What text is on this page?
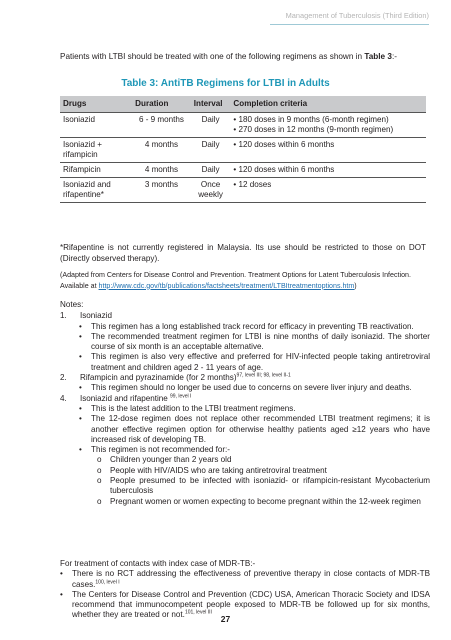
Management of Tuberculosis (Third Edition)
Patients with LTBI should be treated with one of the following regimens as shown in Table 3:-
Table 3: AntiTB Regimens for LTBI in Adults
Drugs	Duration	Interval	Completion criteria
Isoniazid	6 - 9 months	Daily	• 180 doses in 9 months (6-month regimen)
• 270 doses in 12 months (9-month regimen)

Isoniazid + rifampicin	4 months	Daily	• 120 doses within 6 months

Rifampicin	4 months	Daily	• 120 doses within 6 months

Isoniazid and rifapentine*	3 months	Once weekly	• 12 doses
*Rifapentine is not currently registered in Malaysia. Its use should be restricted to those on DOT (Directly observed therapy).
(Adapted from Centers for Disease Control and Prevention. Treatment Options for Latent Tuberculosis Infection. Available at http://www.cdc.gov/tb/publications/factsheets/treatment/LTBItreatmentoptions.htm)
Notes:
1. Isoniazid
• This regimen has a long established track record for efficacy in preventing TB reactivation.
• The recommended treatment regimen for LTBI is nine months of daily isoniazid. The shorter course of six month is an acceptable alternative.
• This regimen is also very effective and preferred for HIV-infected people taking antiretroviral treatment and children aged 2 - 11 years of age.
2. Rifampicin and pyrazinamide (for 2 months)$^{97, level III; 98, level II-1}$
• This regimen should no longer be used due to concerns on severe liver injury and deaths.
4. Isoniazid and rifapentine $^{99, level I}$
• This is the latest addition to the LTBI treatment regimens.
• The 12-dose regimen does not replace other recommended LTBI treatment regimens; it is another effective regimen option for otherwise healthy patients aged ≥12 years who have increased risk of developing TB.
• This regimen is not recommended for:-
o Children younger than 2 years old
o People with HIV/AIDS who are taking antiretroviral treatment
o People presumed to be infected with isoniazid- or rifampicin-resistant Mycobacterium tuberculosis
o Pregnant women or women expecting to become pregnant within the 12-week regimen
For treatment of contacts with index case of MDR-TB:-
• There is no RCT addressing the effectiveness of preventive therapy in close contacts of MDR-TB cases.$^{100, level I}$
• The Centers for Disease Control and Prevention (CDC) USA, American Thoracic Society and IDSA recommend that immunocompetent people exposed to MDR-TB be followed up for six months, whether they are treated or not.$^{101, level III}$
27
